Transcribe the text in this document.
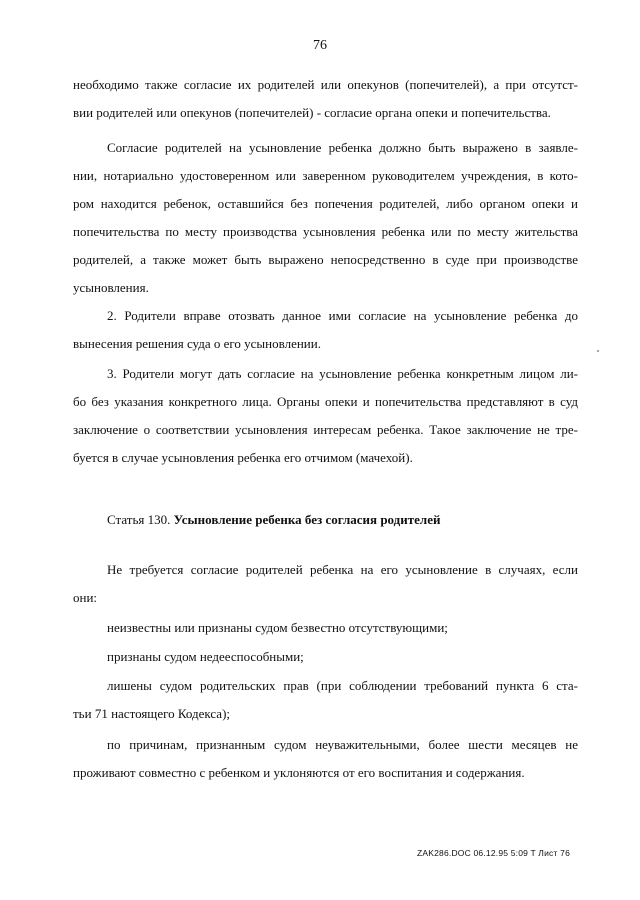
76
необходимо также согласие их родителей или опекунов (попечителей), а при отсутст-
вии родителей или опекунов (попечителей) - согласие органа опеки и попечительства.
Согласие родителей на усыновление ребенка должно быть выражено в заявле-
нии, нотариально удостоверенном или заверенном руководителем учреждения, в кото-
ром находится ребенок, оставшийся без попечения родителей, либо органом опеки и
попечительства по месту производства усыновления ребенка или по месту жительства
родителей, а также может быть выражено непосредственно в суде при производстве
усыновления.
2. Родители вправе отозвать данное ими согласие на усыновление ребенка до
вынесения решения суда о его усыновлении.
3. Родители могут дать согласие на усыновление ребенка конкретным лицом ли-
бо без указания конкретного лица. Органы опеки и попечительства представляют в суд
заключение о соответствии усыновления интересам ребенка. Такое заключение не тре-
буется в случае усыновления ребенка его отчимом (мачехой).
Статья 130. Усыновление ребенка без согласия родителей
Не требуется согласие родителей ребенка на его усыновление в случаях, если
они:
неизвестны или признаны судом безвестно отсутствующими;
признаны судом недееспособными;
лишены судом родительских прав (при соблюдении требований пункта 6 ста-
тьи 71 настоящего Кодекса);
по причинам, признанным судом неуважительными, более шести месяцев не
проживают совместно с ребенком и уклоняются от его воспитания и содержания.
ZAK286.DOC 06.12.95 5:09 T Лист 76
